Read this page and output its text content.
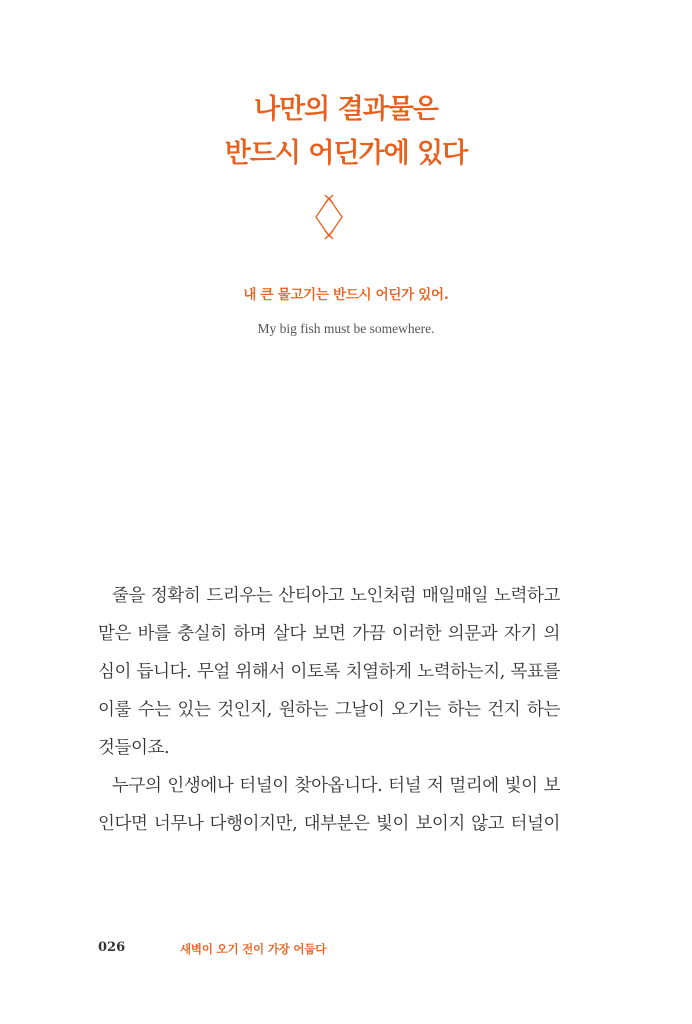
나만의 결과물은
반드시 어딘가에 있다
내 큰 물고기는 반드시 어딘가 있어.
My big fish must be somewhere.
줄을 정확히 드리우는 산티아고 노인처럼 매일매일 노력하고
맡은 바를 충실히 하며 살다 보면 가끔 이러한 의문과 자기 의
심이 듭니다. 무얼 위해서 이토록 치열하게 노력하는지, 목표를
이룰 수는 있는 것인지, 원하는 그날이 오기는 하는 건지 하는
것들이죠.
누구의 인생에나 터널이 찾아옵니다. 터널 저 멀리에 빛이 보
인다면 너무나 다행이지만, 대부분은 빛이 보이지 않고 터널이
026	새벽이 오기 전이 가장 어둡다
